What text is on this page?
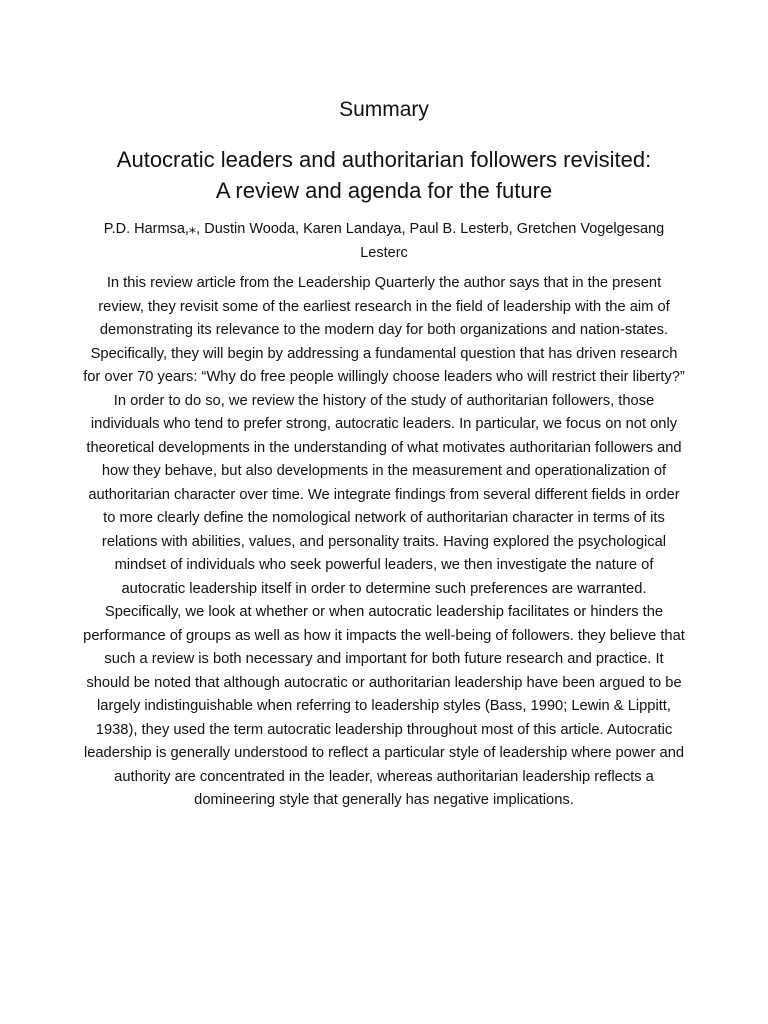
Summary
Autocratic leaders and authoritarian followers revisited:
A review and agenda for the future

P.D. Harmsa,⁎, Dustin Wooda, Karen Landaya, Paul B. Lesterb, Gretchen Vogelgesang Lesterc

In this review article from the Leadership Quarterly the author says that in the present review, they revisit some of the earliest research in the field of leadership with the aim of demonstrating its relevance to the modern day for both organizations and nation-states. Specifically, they will begin by addressing a fundamental question that has driven research for over 70 years: “Why do free people willingly choose leaders who will restrict their liberty?” In order to do so, we review the history of the study of authoritarian followers, those individuals who tend to prefer strong, autocratic leaders. In particular, we focus on not only theoretical developments in the understanding of what motivates authoritarian followers and how they behave, but also developments in the measurement and operationalization of authoritarian character over time. We integrate findings from several different fields in order to more clearly define the nomological network of authoritarian character in terms of its relations with abilities, values, and personality traits. Having explored the psychological mindset of individuals who seek powerful leaders, we then investigate the nature of autocratic leadership itself in order to determine such preferences are warranted. Specifically, we look at whether or when autocratic leadership facilitates or hinders the performance of groups as well as how it impacts the well-being of followers. they believe that such a review is both necessary and important for both future research and practice. It should be noted that although autocratic or authoritarian leadership have been argued to be largely indistinguishable when referring to leadership styles (Bass, 1990; Lewin & Lippitt, 1938), they used the term autocratic leadership throughout most of this article. Autocratic leadership is generally understood to reflect a particular style of leadership where power and authority are concentrated in the leader, whereas authoritarian leadership reflects a domineering style that generally has negative implications.
